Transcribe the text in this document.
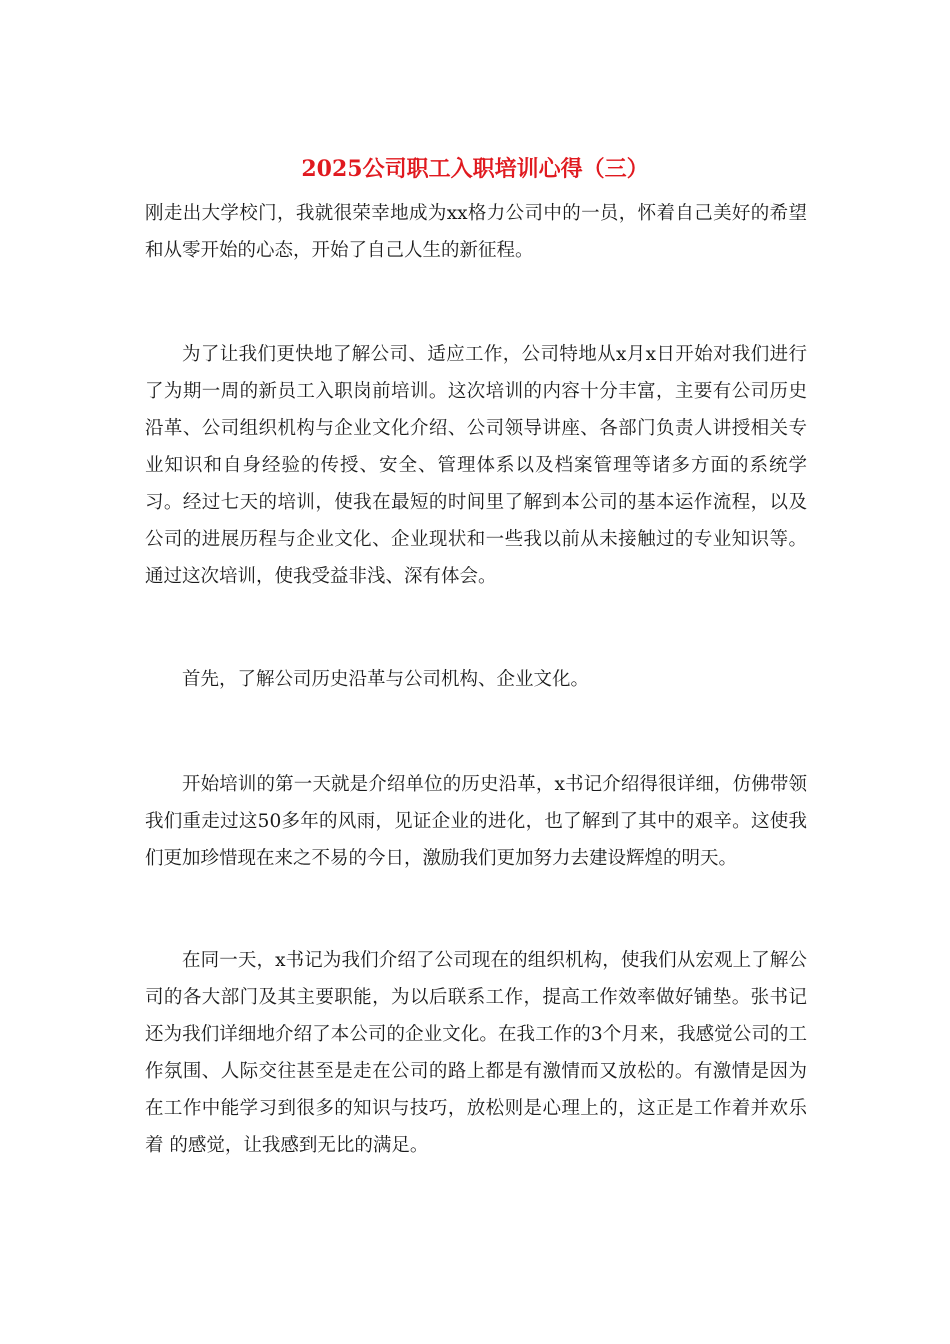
2025公司职工入职培训心得（三）

刚走出大学校门，我就很荣幸地成为xx格力公司中的一员，怀着自己美好的希望和从零开始的心态，开始了自己人生的新征程。

为了让我们更快地了解公司、适应工作，公司特地从x月x日开始对我们进行了为期一周的新员工入职岗前培训。这次培训的内容十分丰富，主要有公司历史沿革、公司组织机构与企业文化介绍、公司领导讲座、各部门负责人讲授相关专业知识和自身经验的传授、安全、管理体系以及档案管理等诸多方面的系统学习。经过七天的培训，使我在最短的时间里了解到本公司的基本运作流程，以及公司的进展历程与企业文化、企业现状和一些我以前从未接触过的专业知识等。通过这次培训，使我受益非浅、深有体会。

首先，了解公司历史沿革与公司机构、企业文化。

开始培训的第一天就是介绍单位的历史沿革，x书记介绍得很详细，仿佛带领我们重走过这50多年的风雨，见证企业的进化，也了解到了其中的艰辛。这使我们更加珍惜现在来之不易的今日，激励我们更加努力去建设辉煌的明天。

在同一天，x书记为我们介绍了公司现在的组织机构，使我们从宏观上了解公司的各大部门及其主要职能，为以后联系工作，提高工作效率做好铺垫。张书记还为我们详细地介绍了本公司的企业文化。在我工作的3个月来，我感觉公司的工作氛围、人际交往甚至是走在公司的路上都是有激情而又放松的。有激情是因为在工作中能学习到很多的知识与技巧，放松则是心理上的，这正是工作着并欢乐着 的感觉，让我感到无比的满足。
